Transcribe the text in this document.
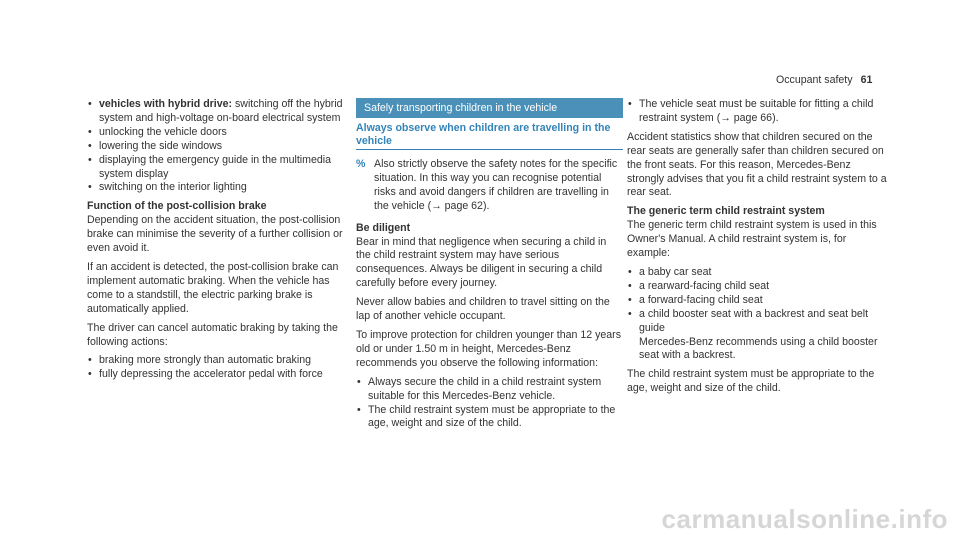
Occupant safety 61
• vehicles with hybrid drive: switching off the hybrid system and high-voltage on-board electrical system
• unlocking the vehicle doors
• lowering the side windows
• displaying the emergency guide in the multimedia system display
• switching on the interior lighting
Function of the post-collision brake

Depending on the accident situation, the post-collision brake can minimise the severity of a further collision or even avoid it.

If an accident is detected, the post-collision brake can implement automatic braking. When the vehicle has come to a standstill, the electric parking brake is automatically applied.

The driver can cancel automatic braking by taking the following actions:

• braking more strongly than automatic braking
• fully depressing the accelerator pedal with force
Safely transporting children in the vehicle
Always observe when children are travelling in the vehicle
% Also strictly observe the safety notes for the specific situation. In this way you can recognise potential risks and avoid dangers if children are travelling in the vehicle (→ page 62).
Be diligent

Bear in mind that negligence when securing a child in the child restraint system may have serious consequences. Always be diligent in securing a child carefully before every journey.

Never allow babies and children to travel sitting on the lap of another vehicle occupant.

To improve protection for children younger than 12 years old or under 1.50 m in height, Mercedes-Benz recommends you observe the following information:

• Always secure the child in a child restraint system suitable for this Mercedes-Benz vehicle.
• The child restraint system must be appropriate to the age, weight and size of the child.
• The vehicle seat must be suitable for fitting a child restraint system (→ page 66).

Accident statistics show that children secured on the rear seats are generally safer than children secured on the front seats. For this reason, Mercedes-Benz strongly advises that you fit a child restraint system to a rear seat.

The generic term child restraint system

The generic term child restraint system is used in this Owner's Manual. A child restraint system is, for example:

• a baby car seat
• a rearward-facing child seat
• a forward-facing child seat
• a child booster seat with a backrest and seat belt guide
Mercedes-Benz recommends using a child booster seat with a backrest.

The child restraint system must be appropriate to the age, weight and size of the child.

carmanualsonline.info
